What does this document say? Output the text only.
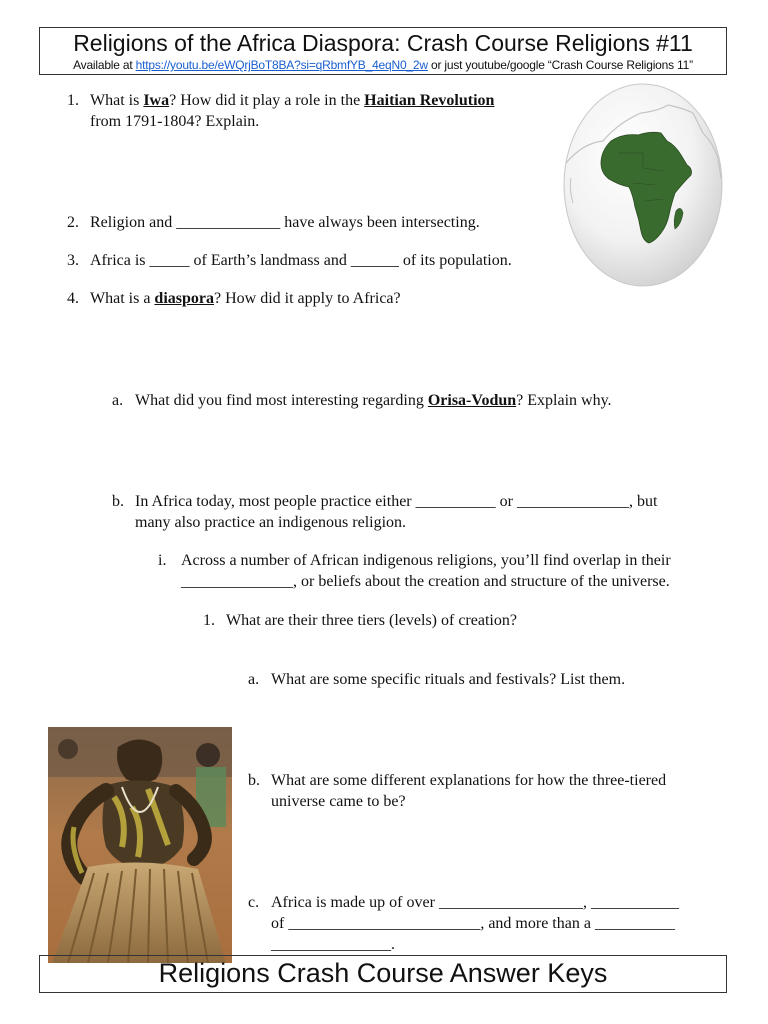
Religions of the Africa Diaspora: Crash Course Religions #11
Available at https://youtu.be/eWQrjBoT8BA?si=qRbmfYB_4eqN0_2w or just youtube/google “Crash Course Religions 11”
What is Iwa? How did it play a role in the Haitian Revolution
from 1791-1804? Explain.
1.
2. Religion and _____________ have always been intersecting.
3. Africa is _____ of Earth’s landmass and ______ of its population.
4. What is a diaspora? How did it apply to Africa?
a. What did you find most interesting regarding Orisa-Vodun? Explain why.
b. In Africa today, most people practice either __________ or ______________, but
many also practice an indigenous religion.
i. Across a number of African indigenous religions, you’ll find overlap in their
______________, or beliefs about the creation and structure of the universe.
1. What are their three tiers (levels) of creation?
a. What are some specific rituals and festivals? List them.
b. What are some different explanations for how the three-tiered
universe came to be?
c. Africa is made up of over __________________, ___________
of ________________________, and more than a __________
_______________.
Religions Crash Course Answer Keys
